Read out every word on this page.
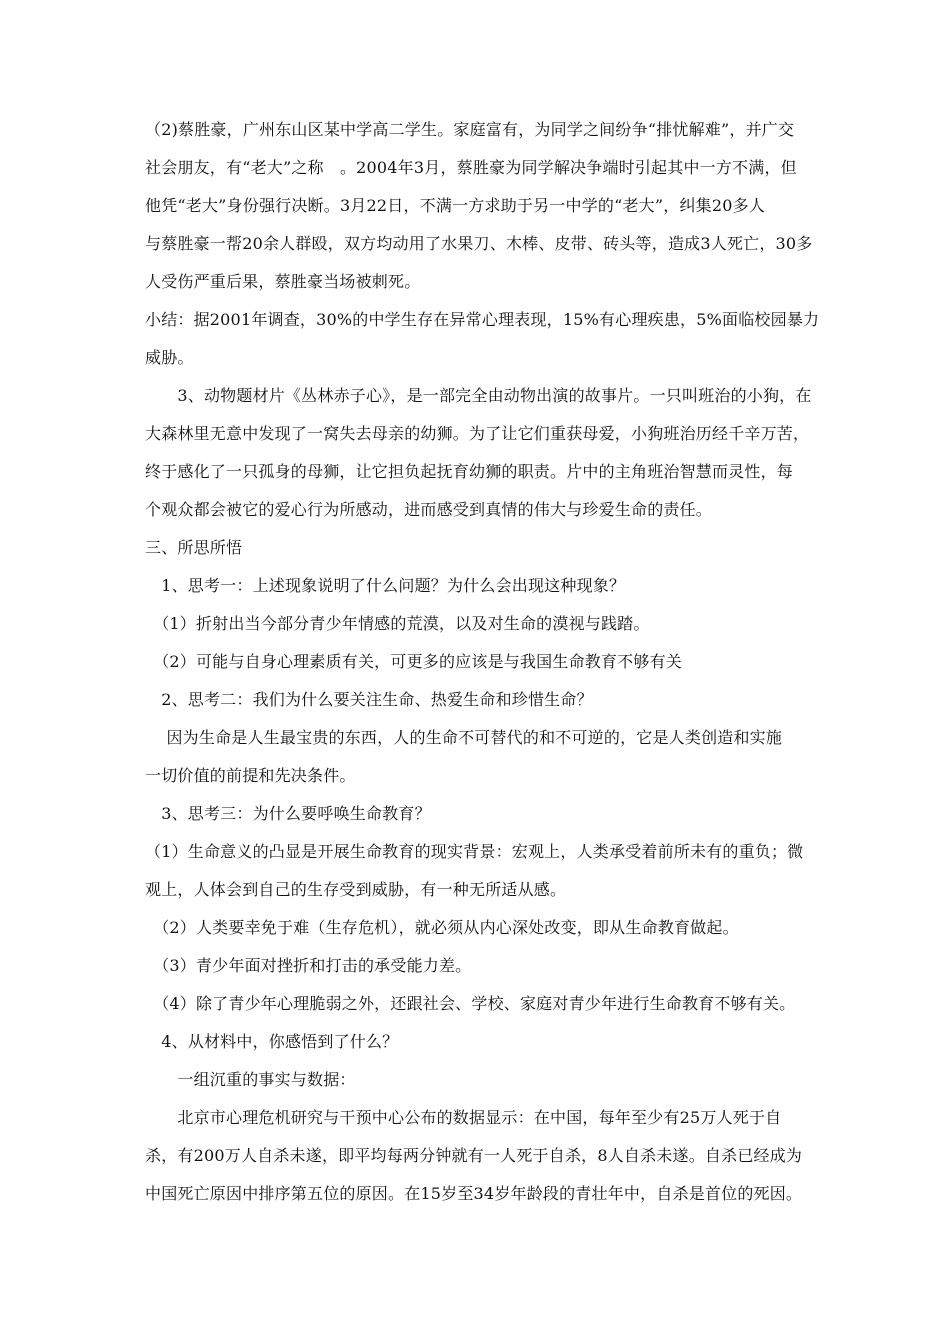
（2)蔡胜豪，广州东山区某中学高二学生。家庭富有，为同学之间纷争“排忧解难”，并广交
社会朋友，有“老大”之称　。2004年3月，蔡胜豪为同学解决争端时引起其中一方不满，但
他凭“老大”身份强行决断。3月22日，不满一方求助于另一中学的“老大”，纠集20多人
与蔡胜豪一帮20余人群殴，双方均动用了水果刀、木棒、皮带、砖头等，造成3人死亡，30多
人受伤严重后果，蔡胜豪当场被刺死。
小结：据2001年调查，30%的中学生存在异常心理表现，15%有心理疾患，5%面临校园暴力
威胁。
　　3、动物题材片《丛林赤子心》，是一部完全由动物出演的故事片。一只叫班治的小狗，在
大森林里无意中发现了一窝失去母亲的幼狮。为了让它们重获母爱，小狗班治历经千辛万苦，
终于感化了一只孤身的母狮，让它担负起抚育幼狮的职责。片中的主角班治智慧而灵性，每
个观众都会被它的爱心行为所感动，进而感受到真情的伟大与珍爱生命的责任。
三、所思所悟
　1、思考一：上述现象说明了什么问题？为什么会出现这种现象？
　（1）折射出当今部分青少年情感的荒漠，以及对生命的漠视与践踏。
　（2）可能与自身心理素质有关，可更多的应该是与我国生命教育不够有关
　2、思考二：我们为什么要关注生命、热爱生命和珍惜生命？
　 因为生命是人生最宝贵的东西，人的生命不可替代的和不可逆的，它是人类创造和实施
一切价值的前提和先决条件。
　3、思考三：为什么要呼唤生命教育？
（1）生命意义的凸显是开展生命教育的现实背景：宏观上，人类承受着前所未有的重负；微
观上，人体会到自己的生存受到威胁，有一种无所适从感。
　（2）人类要幸免于难（生存危机），就必须从内心深处改变，即从生命教育做起。
　（3）青少年面对挫折和打击的承受能力差。
　（4）除了青少年心理脆弱之外，还跟社会、学校、家庭对青少年进行生命教育不够有关。
　4、从材料中，你感悟到了什么？
　　一组沉重的事实与数据：
　　北京市心理危机研究与干预中心公布的数据显示：在中国，每年至少有25万人死于自
杀，有200万人自杀未遂，即平均每两分钟就有一人死于自杀，8人自杀未遂。自杀已经成为
中国死亡原因中排序第五位的原因。在15岁至34岁年龄段的青壮年中，自杀是首位的死因。
